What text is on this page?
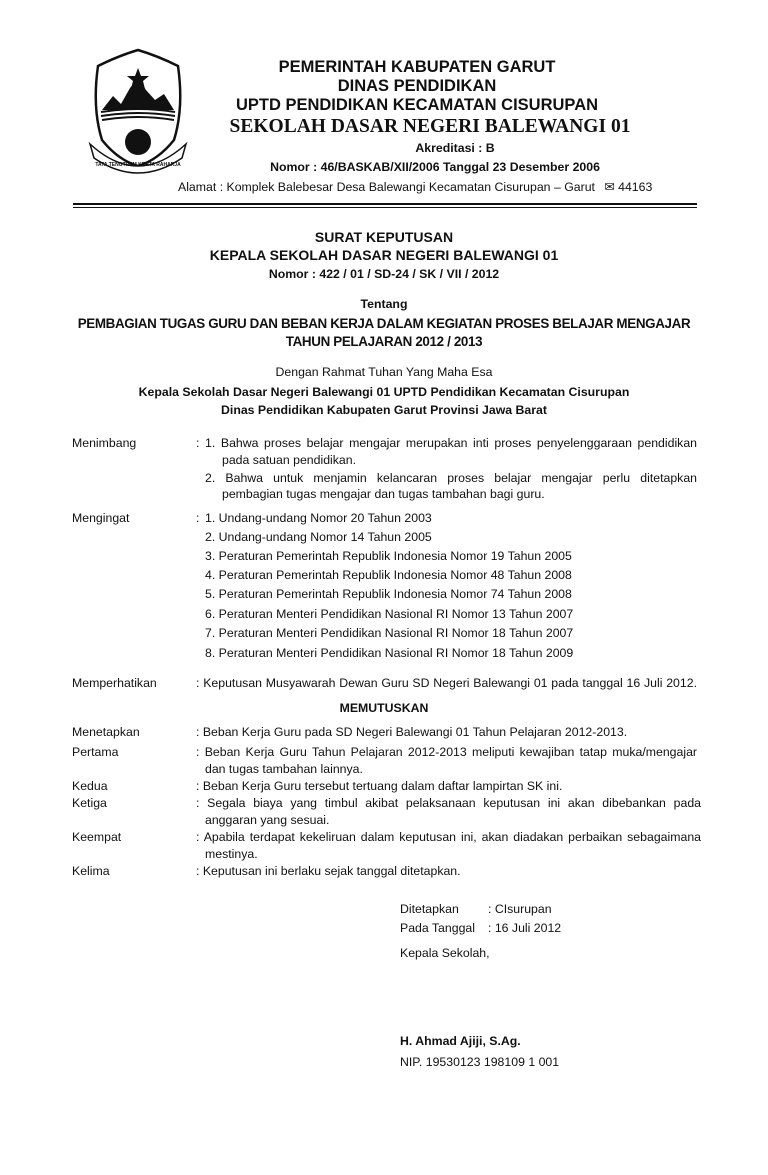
TATA TENGTREM KERTA RAHARJA
PEMERINTAH KABUPATEN GARUT
DINAS PENDIDIKAN
UPTD PENDIDIKAN KECAMATAN CISURUPAN
SEKOLAH DASAR NEGERI BALEWANGI 01
Akreditasi : B
Nomor : 46/BASKAB/XII/2006 Tanggal 23 Desember 2006
Alamat : Komplek Balebesar Desa Balewangi Kecamatan Cisurupan – Garut ✉ 44163
SURAT KEPUTUSAN
KEPALA SEKOLAH DASAR NEGERI BALEWANGI 01
Nomor : 422 / 01 / SD-24 / SK / VII / 2012
Tentang
PEMBAGIAN TUGAS GURU DAN BEBAN KERJA DALAM KEGIATAN PROSES BELAJAR MENGAJAR
TAHUN PELAJARAN 2012 / 2013
Dengan Rahmat Tuhan Yang Maha Esa
Kepala Sekolah Dasar Negeri Balewangi 01 UPTD Pendidikan Kecamatan Cisurupan
Dinas Pendidikan Kabupaten Garut Provinsi Jawa Barat
Menimbang	: 1. Bahwa proses belajar mengajar merupakan inti proses penyelenggaraan pendidikan
pada satuan pendidikan.
2. Bahwa untuk menjamin kelancaran proses belajar mengajar perlu ditetapkan
pembagian tugas mengajar dan tugas tambahan bagi guru.
Mengingat	: 1. Undang-undang Nomor 20 Tahun 2003
2. Undang-undang Nomor 14 Tahun 2005
3. Peraturan Pemerintah Republik Indonesia Nomor 19 Tahun 2005
4. Peraturan Pemerintah Republik Indonesia Nomor 48 Tahun 2008
5. Peraturan Pemerintah Republik Indonesia Nomor 74 Tahun 2008
6. Peraturan Menteri Pendidikan Nasional RI Nomor 13 Tahun 2007
7. Peraturan Menteri Pendidikan Nasional RI Nomor 18 Tahun 2007
8. Peraturan Menteri Pendidikan Nasional RI Nomor 18 Tahun 2009
Memperhatikan	: Keputusan Musyawarah Dewan Guru SD Negeri Balewangi 01 pada tanggal 16 Juli 2012.
MEMUTUSKAN
Menetapkan	: Beban Kerja Guru pada SD Negeri Balewangi 01 Tahun Pelajaran 2012-2013.
Pertama	: Beban Kerja Guru Tahun Pelajaran 2012-2013 meliputi kewajiban tatap muka/mengajar
dan tugas tambahan lainnya.
Kedua	: Beban Kerja Guru tersebut tertuang dalam daftar lampirtan SK ini.
Ketiga	: Segala biaya yang timbul akibat pelaksanaan keputusan ini akan dibebankan pada
anggaran yang sesuai.
Keempat	: Apabila terdapat kekeliruan dalam keputusan ini, akan diadakan perbaikan sebagaimana
mestinya.
Kelima	: Keputusan ini berlaku sejak tanggal ditetapkan.
Ditetapkan : CIsurupan
Pada Tanggal : 16 Juli 2012
Kepala Sekolah,
H. Ahmad Ajiji, S.Ag.
NIP. 19530123 198109 1 001
